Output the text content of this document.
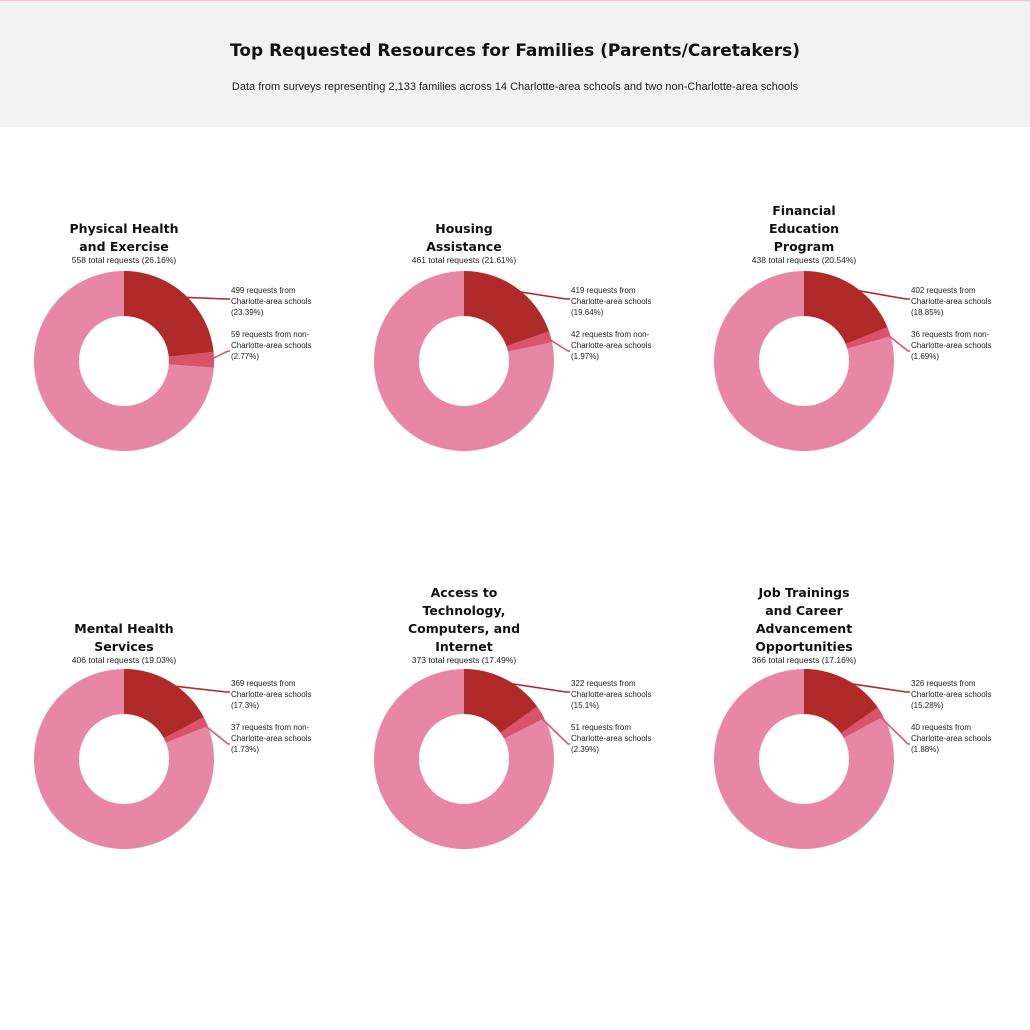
Top Requested Resources for Families (Parents/Caretakers)
Data from surveys representing 2,133 families across 14 Charlotte-area schools and two non-Charlotte-area schools
558 total requests (26.16%)
Physical Health
and Exercise
499 requests from
Charlotte-area schools
(23.39%)
59 requests from non-
Charlotte-area schools
(2.77%)
461 total requests (21.61%)
Housing
Assistance
419 requests from
Charlotte-area schools
(19.64%)
42 requests from non-
Charlotte-area schools
(1.97%)
438 total requests (20.54%)
Financial
Education
Program
402 requests from
Charlotte-area schools
(18.85%)
36 requests from non-
Charlotte-area schools
(1.69%)
406 total requests (19.03%)
Mental Health
Services
369 requests from
Charlotte-area schools
(17.3%)
37 requests from non-
Charlotte-area schools
(1.73%)
373 total requests (17.49%)
Access to
Technology,
Computers, and
Internet
322 requests from
Charlotte-area schools
(15.1%)
51 requests from
Charlotte-area schools
(2.39%)
366 total requests (17.16%)
Job Trainings
and Career
Advancement
Opportunities
326 requests from
Charlotte-area schools
(15.28%)
40 requests from
Charlotte-area schools
(1.88%)
